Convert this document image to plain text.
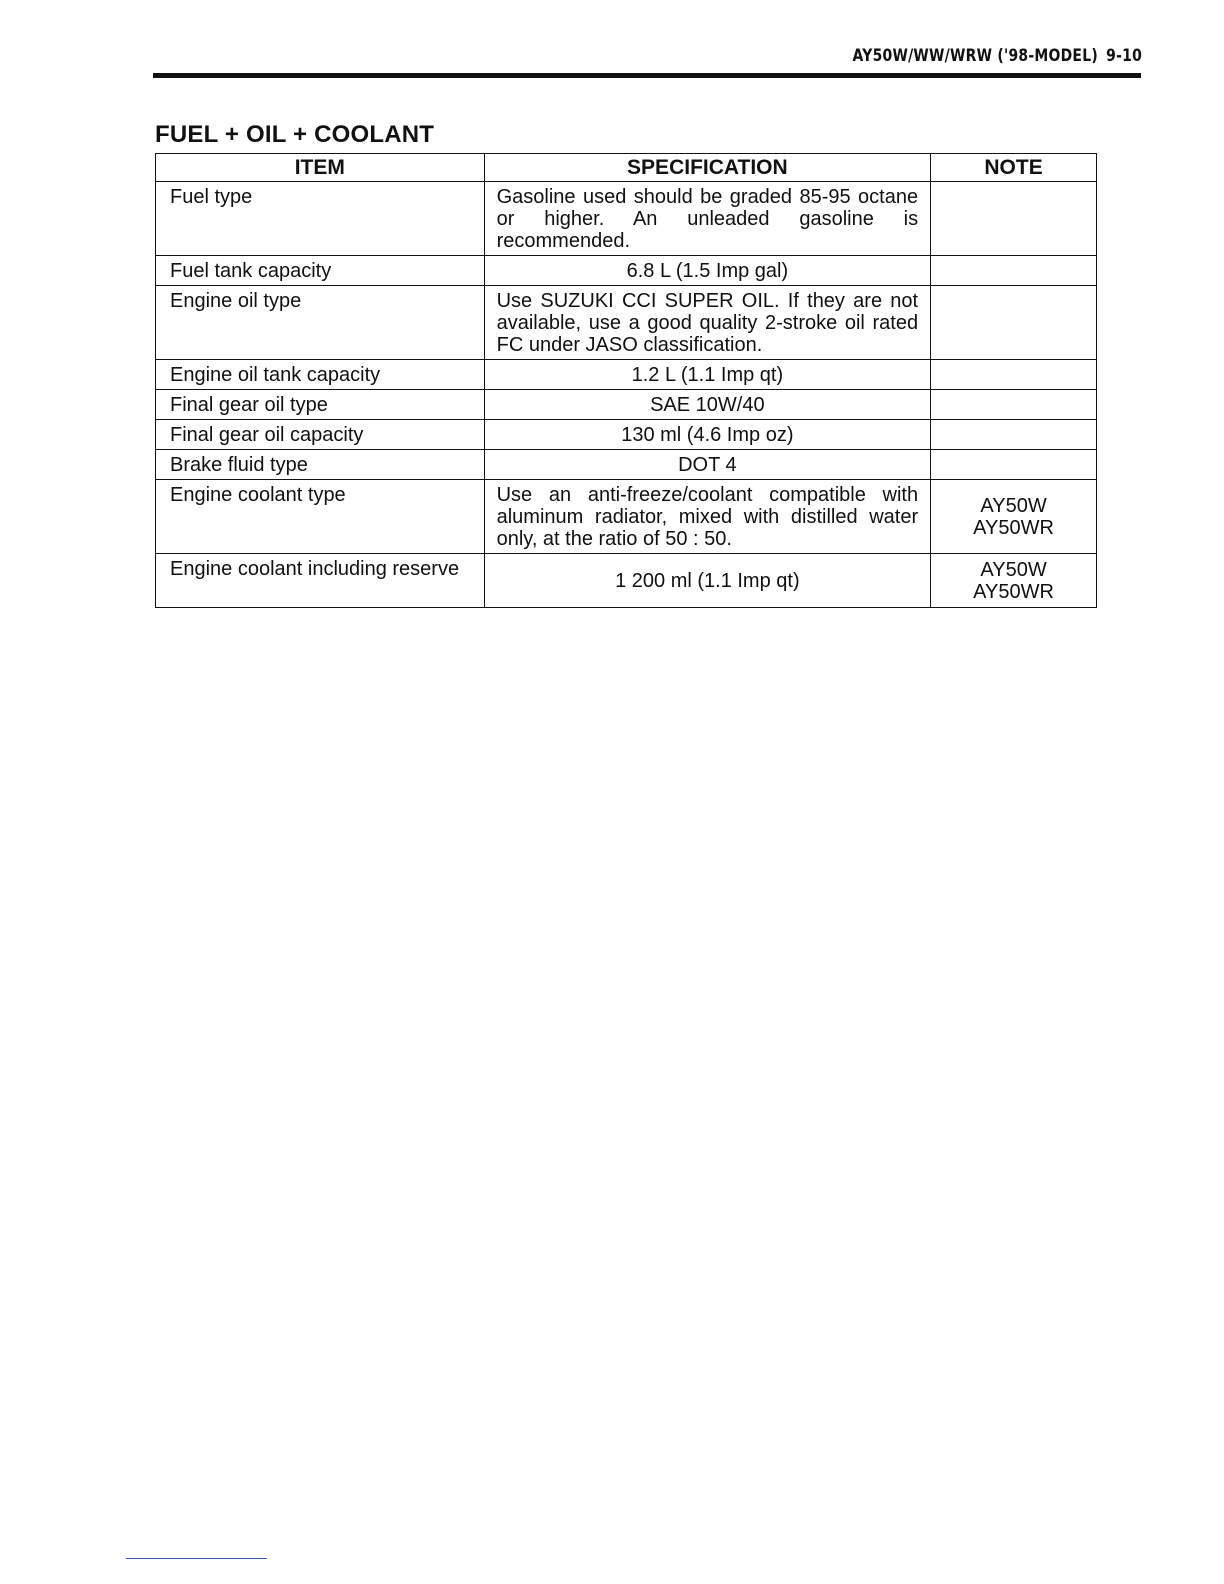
AY50W/WW/WRW ('98-MODEL) 9-10
FUEL + OIL + COOLANT
ITEM	SPECIFICATION	NOTE
Fuel type	Gasoline used should be graded 85-95 octane or higher. An unleaded gasoline is recommended.	
Fuel tank capacity	6.8 L (1.5 Imp gal)	
Engine oil type	Use SUZUKI CCI SUPER OIL. If they are not available, use a good quality 2-stroke oil rated FC under JASO classification.	
Engine oil tank capacity	1.2 L (1.1 Imp qt)	
Final gear oil type	SAE 10W/40	
Final gear oil capacity	130 ml (4.6 Imp oz)	
Brake fluid type	DOT 4	
Engine coolant type	Use an anti-freeze/coolant compatible with aluminum radiator, mixed with distilled water only, at the ratio of 50 : 50.	AY50W
AY50WR
Engine coolant including reserve	1 200 ml (1.1 Imp qt)	AY50W
AY50WR
